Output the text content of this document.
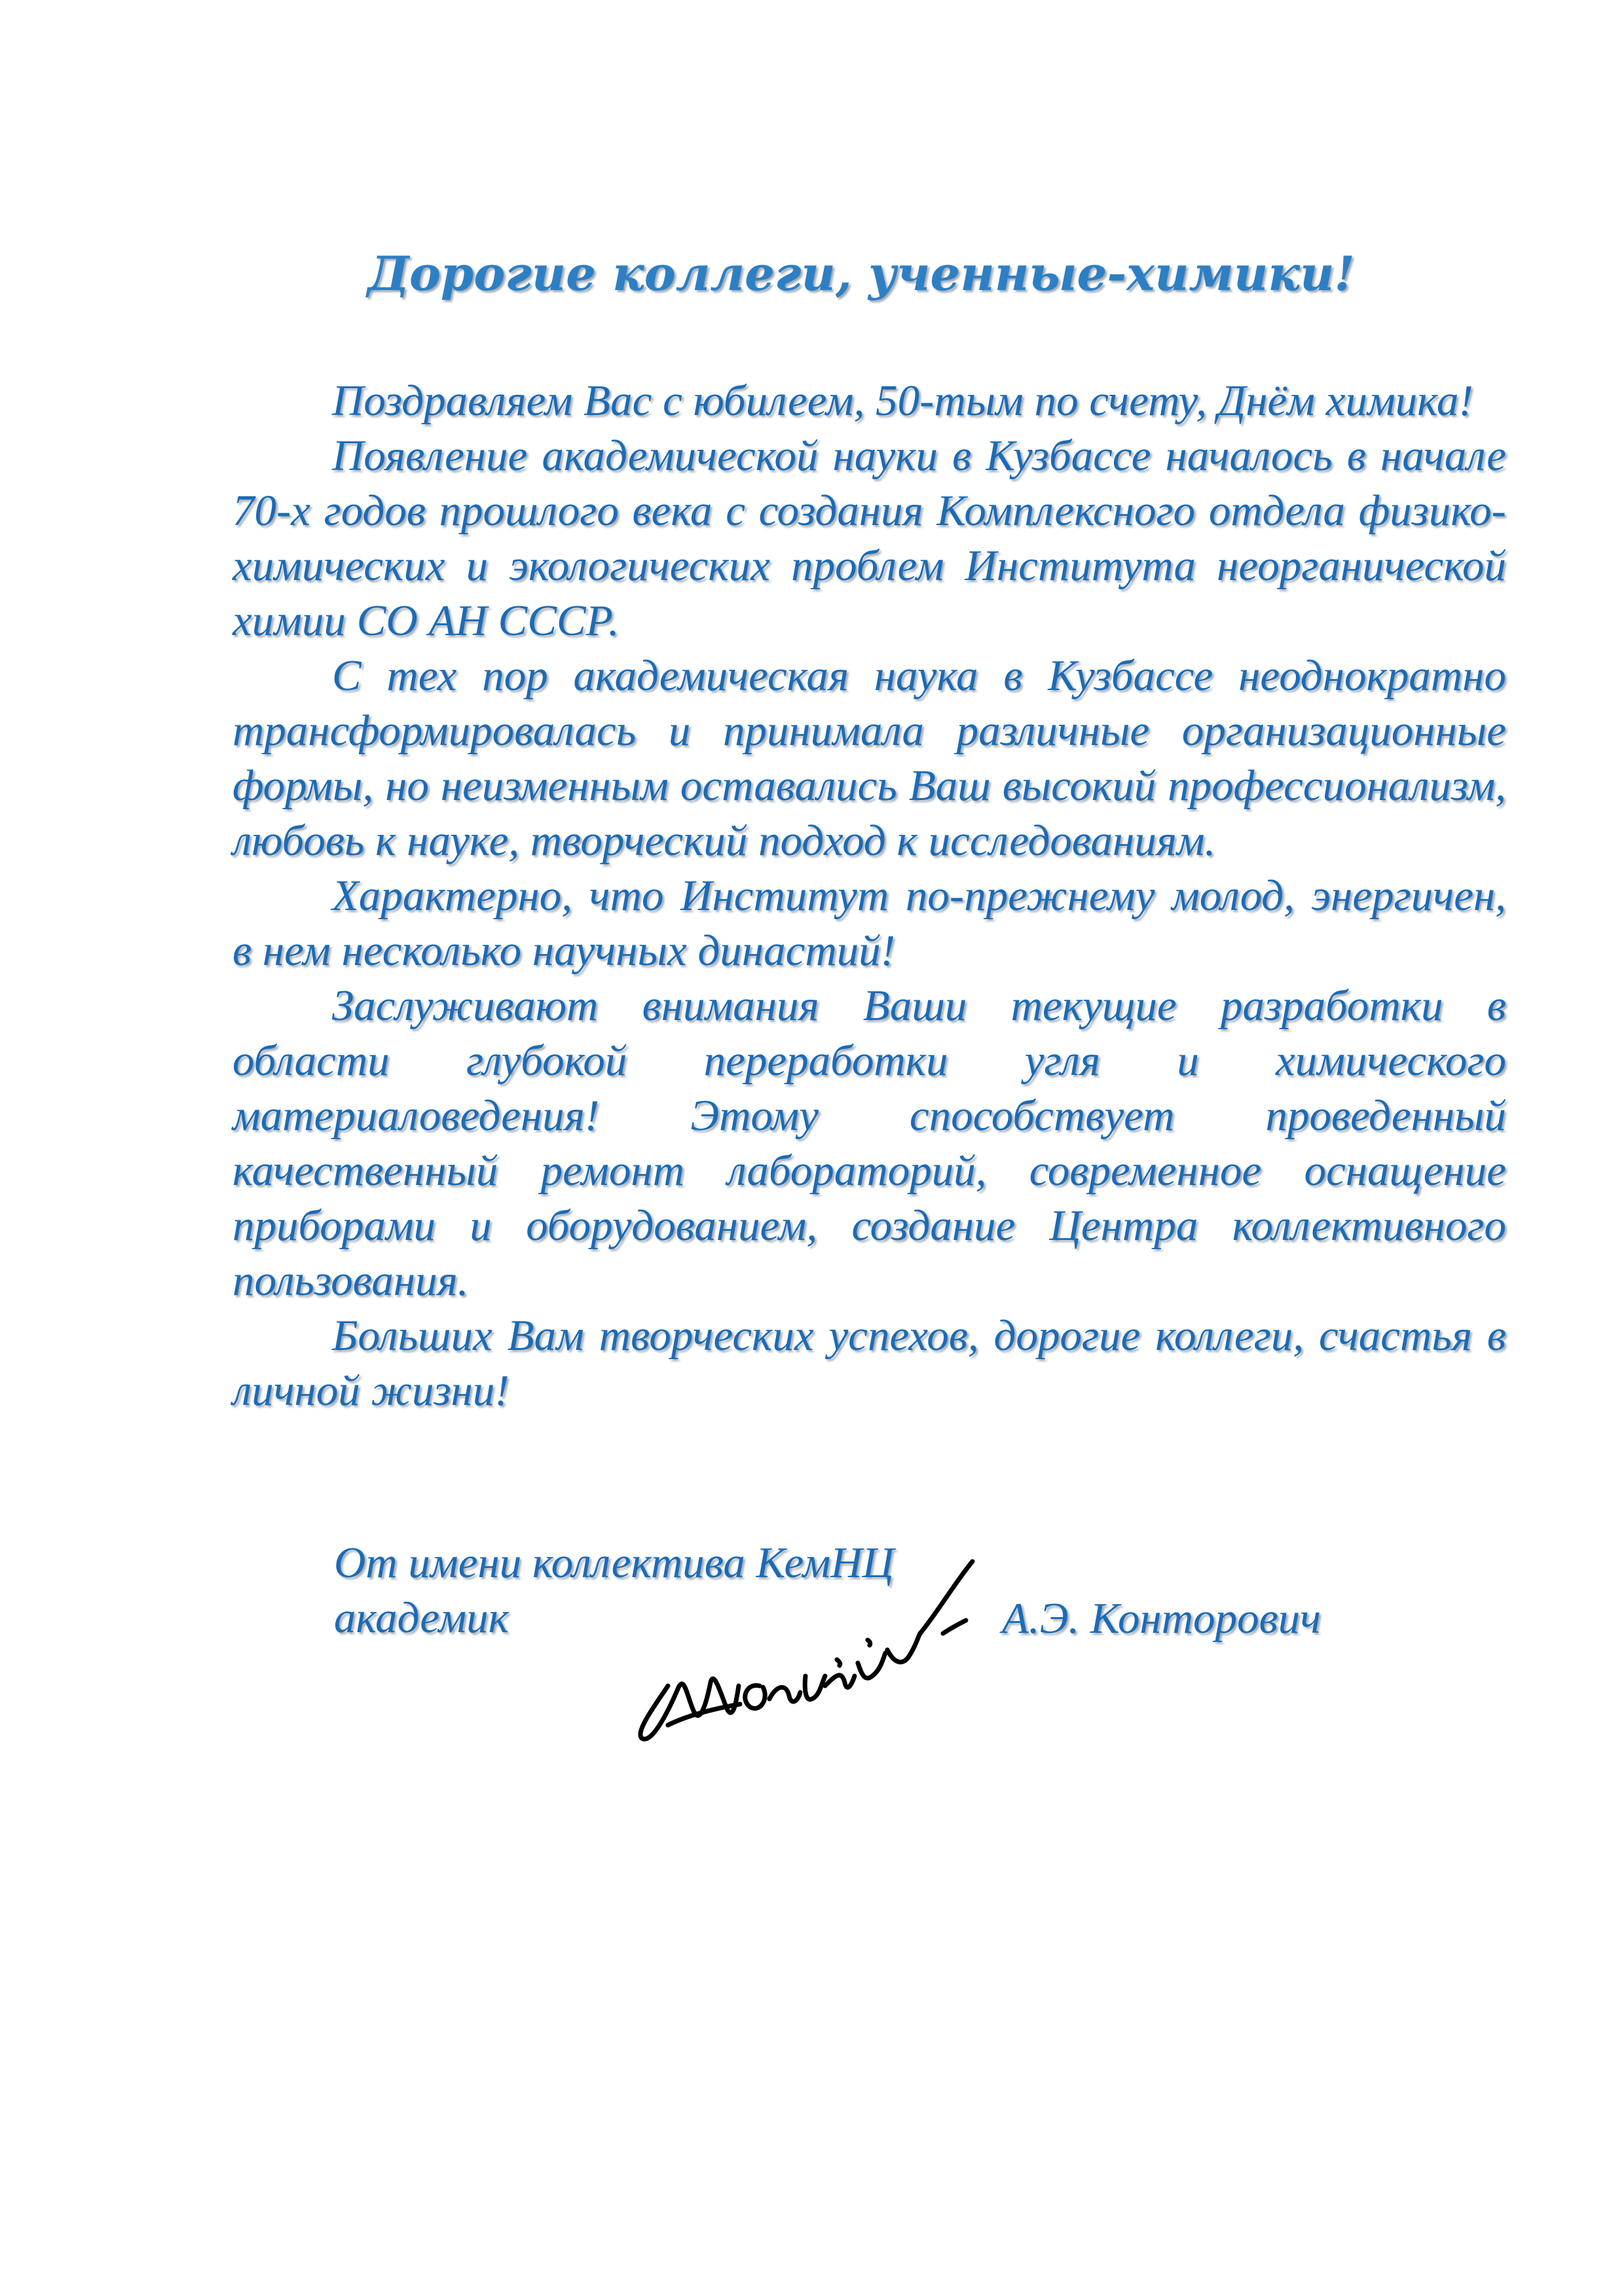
Дорогие коллеги, ученные-химики!

Поздравляем Вас с юбилеем, 50-тым по счету, Днём химика!

Появление академической науки в Кузбассе началось в начале 70-х годов прошлого века с создания Комплексного отдела физико-химических и экологических проблем Института неорганической химии СО АН СССР.

С тех пор академическая наука в Кузбассе неоднократно трансформировалась и принимала различные организационные формы, но неизменным оставались Ваш высокий профессионализм, любовь к науке, творческий подход к исследованиям.

Характерно, что Институт по-прежнему молод, энергичен, в нем несколько научных династий!

Заслуживают внимания Ваши текущие разработки в области глубокой переработки угля и химического материаловедения! Этому способствует проведенный качественный ремонт лабораторий, современное оснащение приборами и оборудованием, создание Центра коллективного пользования.

Больших Вам творческих успехов, дорогие коллеги, счастья в личной жизни!

От имени коллектива КемНЦ
академик	А.Э. Конторович
